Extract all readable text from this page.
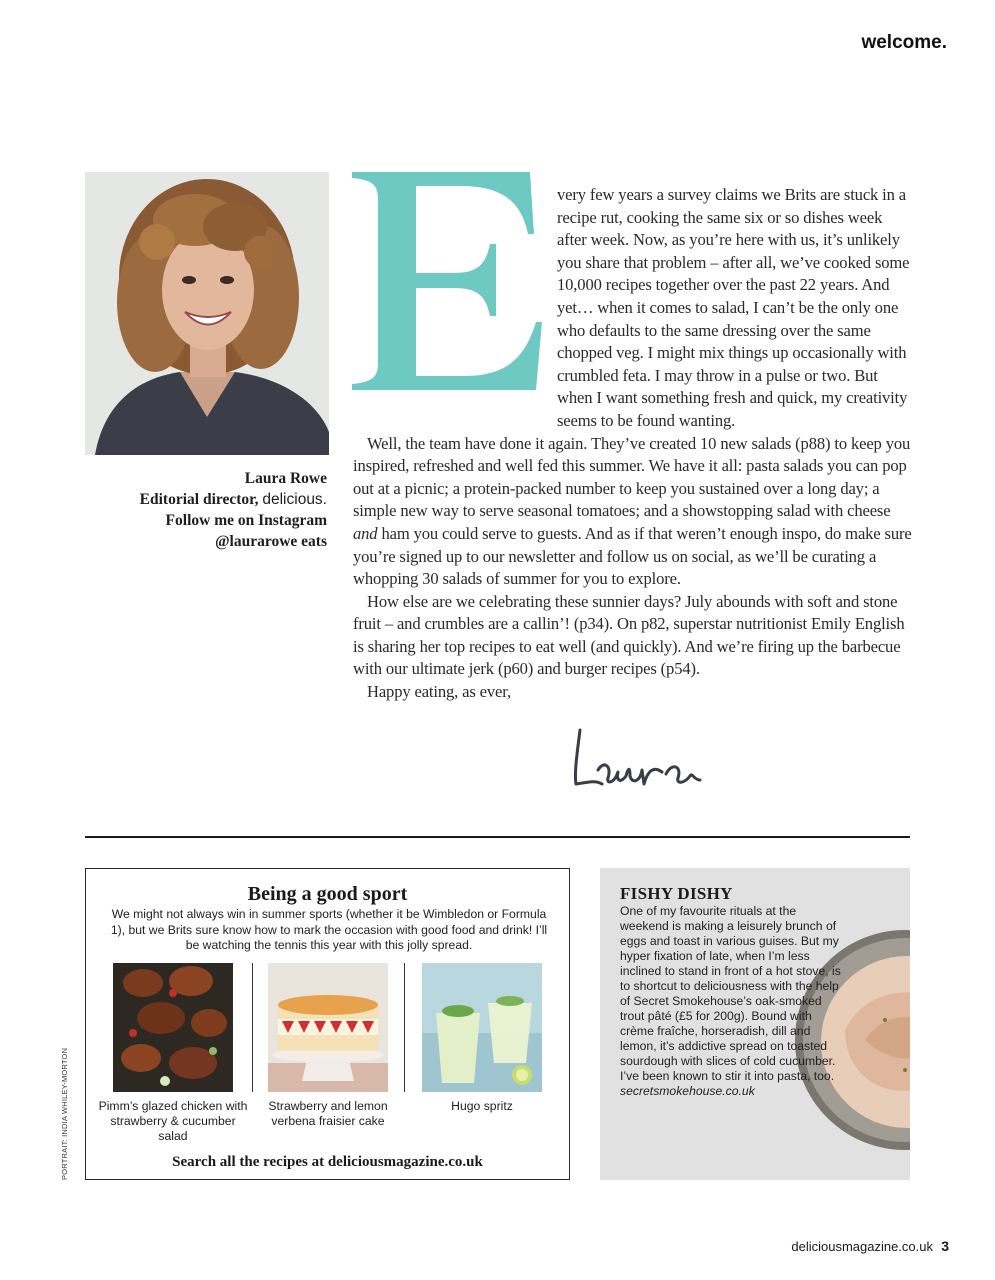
welcome.
Laura Rowe
Editorial director, delicious.
Follow me on Instagram
@laurarowe eats

very few years a survey claims we Brits are stuck in a recipe rut, cooking the same six or so dishes week after week. Now, as you’re here with us, it’s unlikely you share that problem – after all, we’ve cooked some 10,000 recipes together over the past 22 years. And yet… when it comes to salad, I can’t be the only one who defaults to the same dressing over the same chopped veg. I might mix things up occasionally with crumbled feta. I may throw in a pulse or two. But when I want something fresh and quick, my creativity seems to be found wanting.

Well, the team have done it again. They’ve created 10 new salads (p88) to keep you inspired, refreshed and well fed this summer. We have it all: pasta salads you can pop out at a picnic; a protein-packed number to keep you sustained over a long day; a simple new way to serve seasonal tomatoes; and a showstopping salad with cheese and ham you could serve to guests. And as if that weren’t enough inspo, do make sure you’re signed up to our newsletter and follow us on social, as we’ll be curating a whopping 30 salads of summer for you to explore.

How else are we celebrating these sunnier days? July abounds with soft and stone fruit – and crumbles are a callin’! (p34). On p82, superstar nutritionist Emily English is sharing her top recipes to eat well (and quickly). And we’re firing up the barbecue with our ultimate jerk (p60) and burger recipes (p54).

Happy eating, as ever,

Being a good sport
We might not always win in summer sports (whether it be Wimbledon or Formula 1), but we Brits sure know how to mark the occasion with good food and drink! I’ll be watching the tennis this year with this jolly spread.
Pimm’s glazed chicken with strawberry & cucumber salad
Strawberry and lemon verbena fraisier cake
Hugo spritz
Search all the recipes at deliciousmagazine.co.uk
FISHY DISHY
One of my favourite rituals at the weekend is making a leisurely brunch of eggs and toast in various guises. But my hyper fixation of late, when I’m less inclined to stand in front of a hot stove, is to shortcut to deliciousness with the help of Secret Smokehouse’s oak-smoked trout pâté (£5 for 200g). Bound with crème fraîche, horseradish, dill and lemon, it’s addictive spread on toasted sourdough with slices of cold cucumber. I’ve been known to stir it into pasta, too. secretsmokehouse.co.uk
PORTRAIT: INDIA WHILEY-MORTON
deliciousmagazine.co.uk 3
